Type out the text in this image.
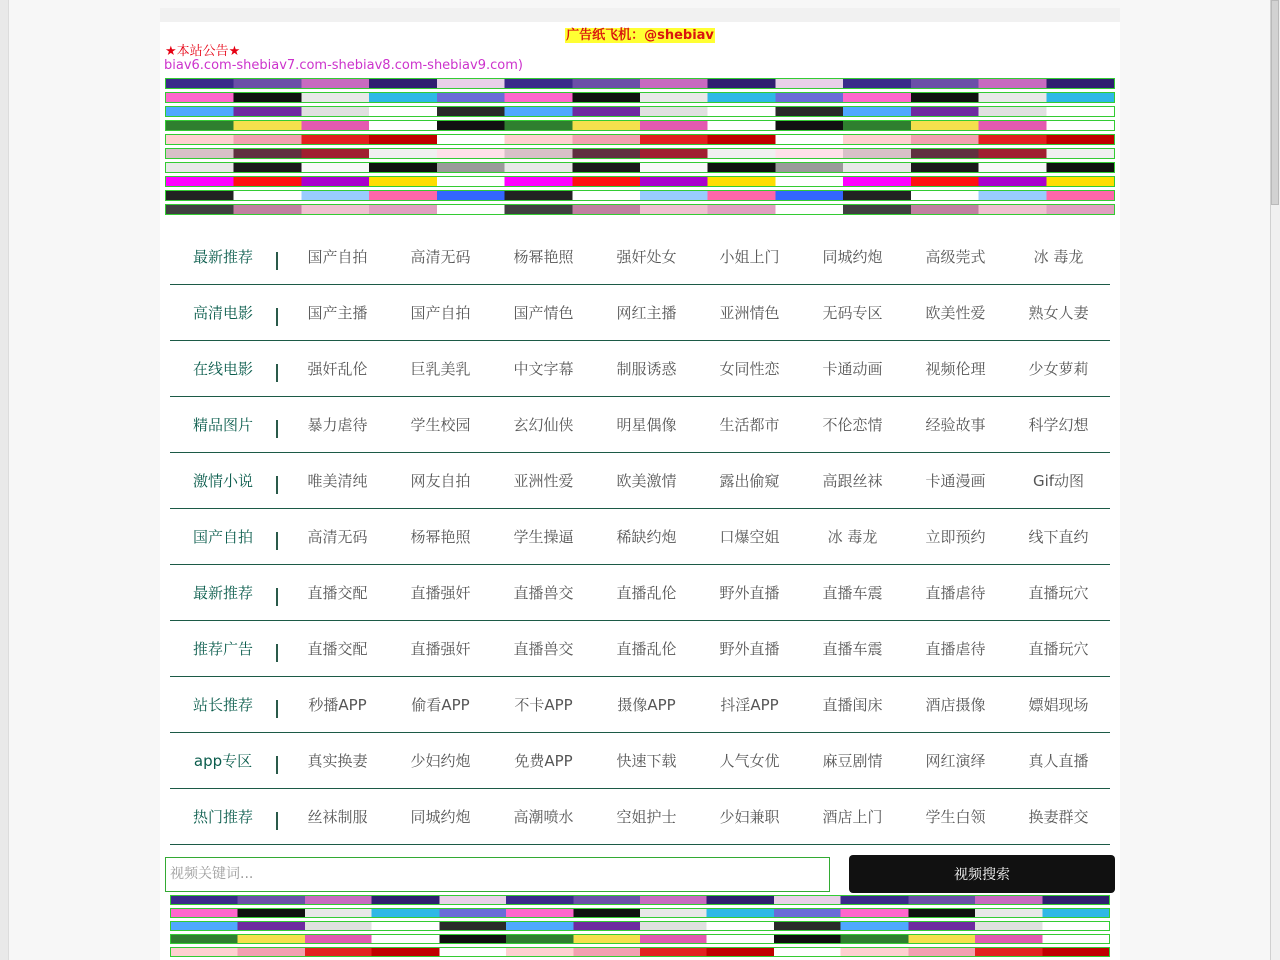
广告纸飞机：@shebiav
★本站公告★
biav6.com-shebiav7.com-shebiav8.com-shebiav9.com)
最新推荐	国产自拍	高清无码	杨幂艳照	强奸处女	小姐上门	同城约炮	高级莞式	冰 毒龙
高清电影	国产主播	国产自拍	国产情色	网红主播	亚洲情色	无码专区	欧美性爱	熟女人妻
在线电影	强奸乱伦	巨乳美乳	中文字幕	制服诱惑	女同性恋	卡通动画	视频伦理	少女萝莉
精品图片	暴力虐待	学生校园	玄幻仙侠	明星偶像	生活都市	不伦恋情	经验故事	科学幻想
激情小说	唯美清纯	网友自拍	亚洲性爱	欧美激情	露出偷窥	高跟丝袜	卡通漫画	Gif动图
国产自拍	高清无码	杨幂艳照	学生操逼	稀缺约炮	口爆空姐	冰 毒龙	立即预约	线下直约
最新推荐	直播交配	直播强奸	直播兽交	直播乱伦	野外直播	直播车震	直播虐待	直播玩穴
推荐广告	直播交配	直播强奸	直播兽交	直播乱伦	野外直播	直播车震	直播虐待	直播玩穴
站长推荐	秒播APP	偷看APP	不卡APP	摄像APP	抖淫APP	直播闺床	酒店摄像	嫖娼现场
app专区	真实换妻	少妇约炮	免费APP	快速下载	人气女优	麻豆剧情	网红演绎	真人直播
热门推荐	丝袜制服	同城约炮	高潮喷水	空姐护士	少妇兼职	酒店上门	学生白领	换妻群交
视频关键词...
视频搜索
